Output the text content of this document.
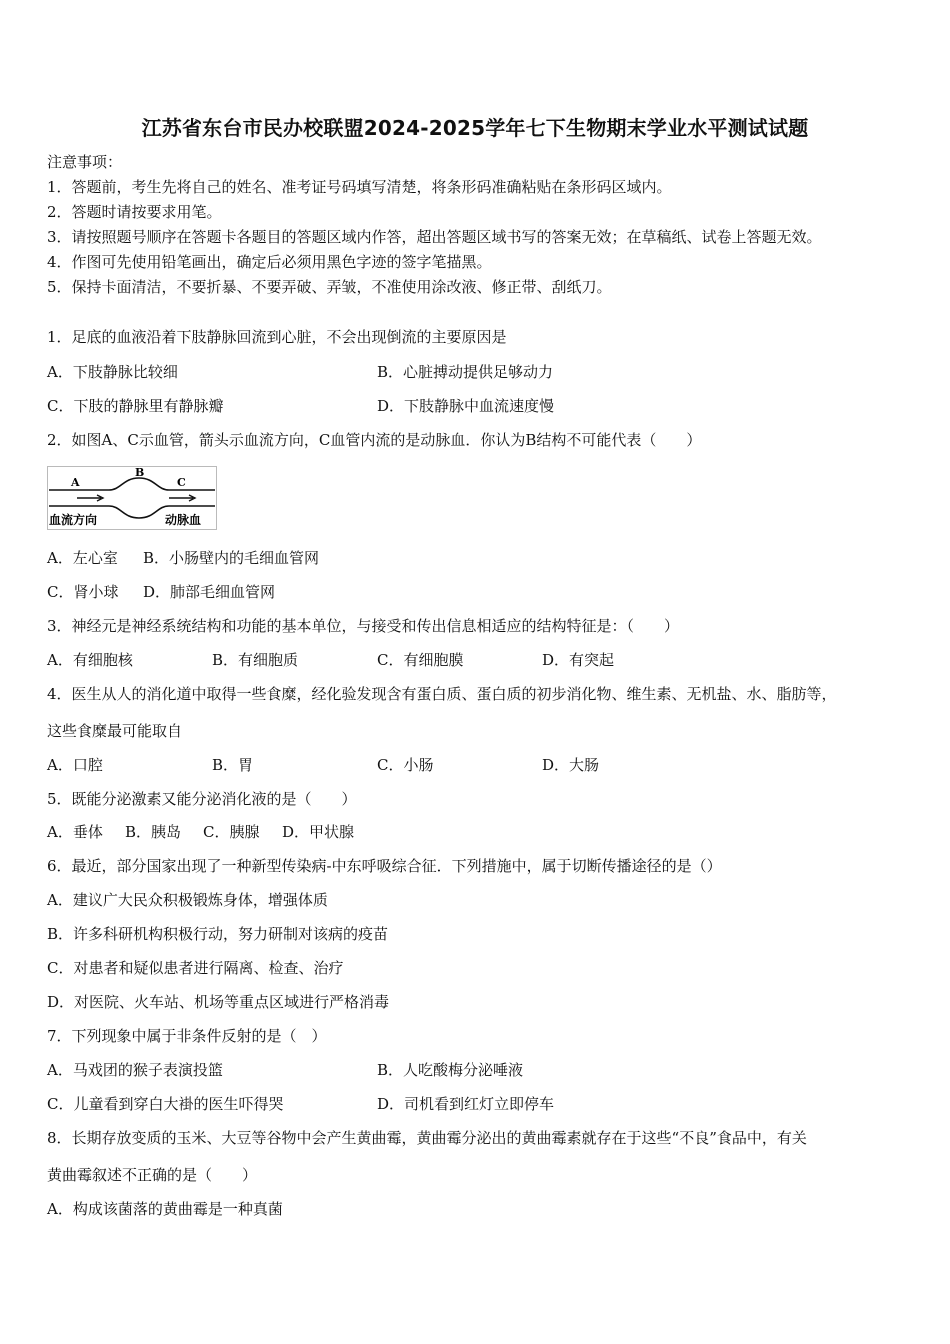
江苏省东台市民办校联盟2024-2025学年七下生物期末学业水平测试试题
注意事项：
1．答题前，考生先将自己的姓名、准考证号码填写清楚，将条形码准确粘贴在条形码区域内。
2．答题时请按要求用笔。
3．请按照题号顺序在答题卡各题目的答题区域内作答，超出答题区域书写的答案无效；在草稿纸、试卷上答题无效。
4．作图可先使用铅笔画出，确定后必须用黑色字迹的签字笔描黑。
5．保持卡面清洁，不要折暴、不要弄破、弄皱，不准使用涂改液、修正带、刮纸刀。
1．足底的血液沿着下肢静脉回流到心脏，不会出现倒流的主要原因是
A．下肢静脉比较细	B．心脏搏动提供足够动力
C．下肢的静脉里有静脉瓣	D．下肢静脉中血流速度慢
2．如图A、C示血管，箭头示血流方向，C血管内流的是动脉血．你认为B结构不可能代表（　　）
A
B
C
血流方向	动脉血
A．左心室 B．小肠壁内的毛细血管网
C．肾小球 D．肺部毛细血管网
3．神经元是神经系统结构和功能的基本单位，与接受和传出信息相适应的结构特征是：（　　）
A．有细胞核	B．有细胞质	C．有细胞膜	D．有突起
4．医生从人的消化道中取得一些食糜，经化验发现含有蛋白质、蛋白质的初步消化物、维生素、无机盐、水、脂肪等，
这些食糜最可能取自
A．口腔	B．胃	C．小肠	D．大肠
5．既能分泌激素又能分泌消化液的是（　　）
A．垂体 B．胰岛 C．胰腺 D．甲状腺
6．最近，部分国家出现了一种新型传染病-中东呼吸综合征．下列措施中，属于切断传播途径的是（）
A．建议广大民众积极锻炼身体，增强体质
B．许多科研机构积极行动，努力研制对该病的疫苗
C．对患者和疑似患者进行隔离、检查、治疗
D．对医院、火车站、机场等重点区域进行严格消毒
7．下列现象中属于非条件反射的是（　）
A．马戏团的猴子表演投篮	B．人吃酸梅分泌唾液
C．儿童看到穿白大褂的医生吓得哭	D．司机看到红灯立即停车
8．长期存放变质的玉米、大豆等谷物中会产生黄曲霉，黄曲霉分泌出的黄曲霉素就存在于这些“不良”食品中，有关
黄曲霉叙述不正确的是（　　）
A．构成该菌落的黄曲霉是一种真菌
